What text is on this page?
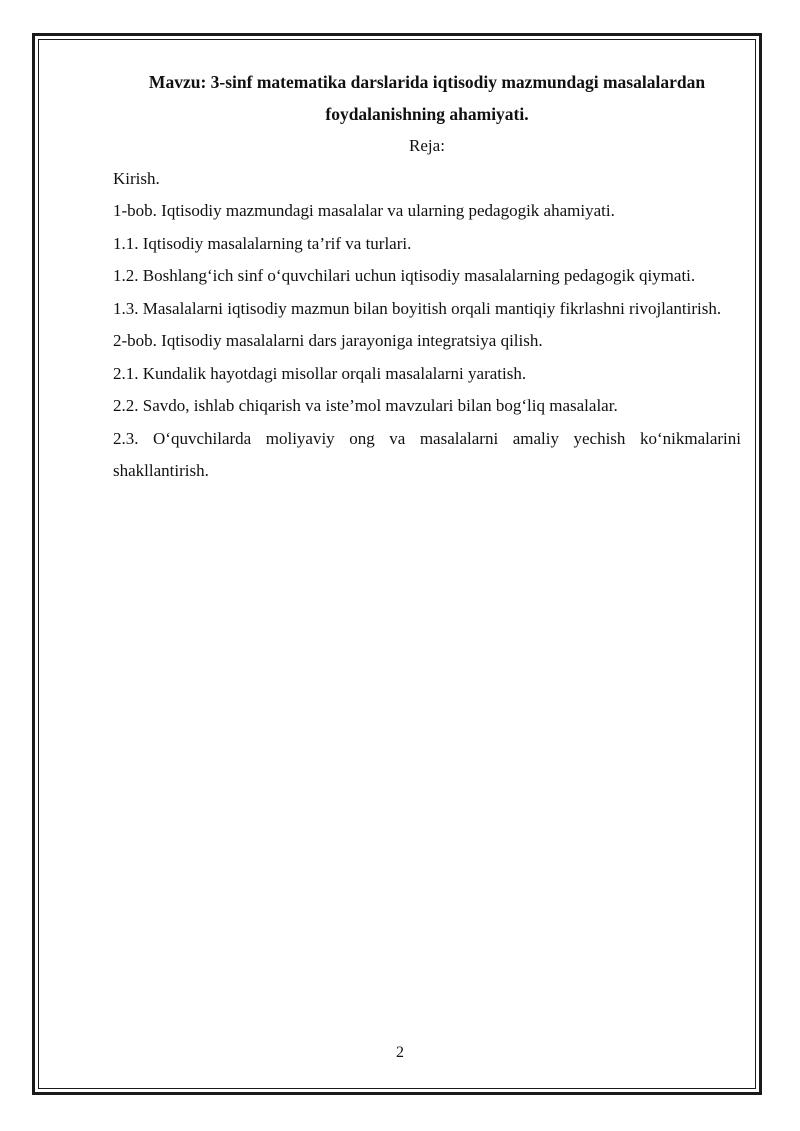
Mavzu: 3-sinf matematika darslarida iqtisodiy mazmundagi masalalardan foydalanishning ahamiyati.

Reja:

Kirish.

1-bob. Iqtisodiy mazmundagi masalalar va ularning pedagogik ahamiyati.

1.1. Iqtisodiy masalalarning ta’rif va turlari.

1.2. Boshlang‘ich sinf o‘quvchilari uchun iqtisodiy masalalarning pedagogik qiymati.

1.3. Masalalarni iqtisodiy mazmun bilan boyitish orqali mantiqiy fikrlashni rivojlantirish.

2-bob. Iqtisodiy masalalarni dars jarayoniga integratsiya qilish.

2.1. Kundalik hayotdagi misollar orqali masalalarni yaratish.

2.2. Savdo, ishlab chiqarish va iste’mol mavzulari bilan bog‘liq masalalar.

2.3. O‘quvchilarda moliyaviy ong va masalalarni amaliy yechish ko‘nikmalarini shakllantirish.

2
